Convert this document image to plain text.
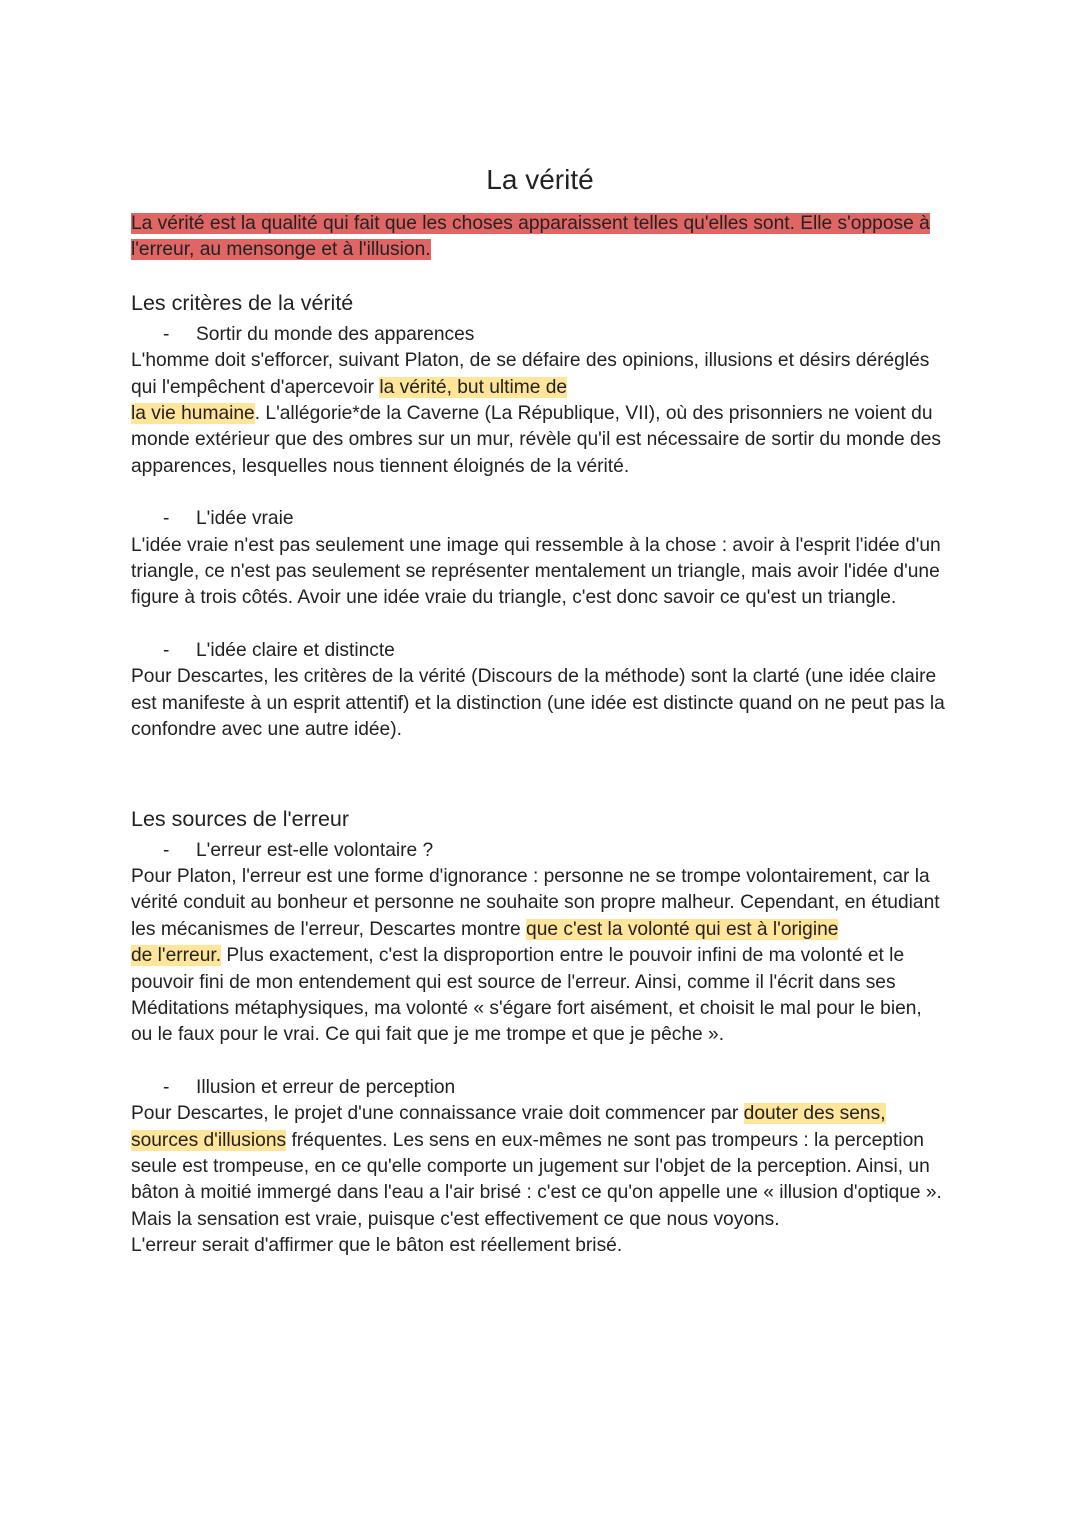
La vérité

La vérité est la qualité qui fait que les choses apparaissent telles qu'elles sont. Elle s'oppose à l'erreur, au mensonge et à l'illusion.

Les critères de la vérité

- Sortir du monde des apparences

L'homme doit s'efforcer, suivant Platon, de se défaire des opinions, illusions et désirs déréglés qui l'empêchent d'apercevoir la vérité, but ultime de
la vie humaine. L'allégorie*de la Caverne (La République, VII), où des prisonniers ne voient du monde extérieur que des ombres sur un mur, révèle qu'il est nécessaire de sortir du monde des apparences, lesquelles nous tiennent éloignés de la vérité.

- L'idée vraie

L'idée vraie n'est pas seulement une image qui ressemble à la chose : avoir à l'esprit l'idée d'un triangle, ce n'est pas seulement se représenter mentalement un triangle, mais avoir l'idée d'une figure à trois côtés. Avoir une idée vraie du triangle, c'est donc savoir ce qu'est un triangle.

- L'idée claire et distincte

Pour Descartes, les critères de la vérité (Discours de la méthode) sont la clarté (une idée claire est manifeste à un esprit attentif) et la distinction (une idée est distincte quand on ne peut pas la confondre avec une autre idée).

Les sources de l'erreur

- L'erreur est-elle volontaire ?

Pour Platon, l'erreur est une forme d'ignorance : personne ne se trompe volontairement, car la vérité conduit au bonheur et personne ne souhaite son propre malheur. Cependant, en étudiant les mécanismes de l'erreur, Descartes montre que c'est la volonté qui est à l'origine
de l'erreur. Plus exactement, c'est la disproportion entre le pouvoir infini de ma volonté et le pouvoir fini de mon entendement qui est source de l'erreur. Ainsi, comme il l'écrit dans ses Méditations métaphysiques, ma volonté « s'égare fort aisément, et choisit le mal pour le bien, ou le faux pour le vrai. Ce qui fait que je me trompe et que je pêche ».

- Illusion et erreur de perception

Pour Descartes, le projet d'une connaissance vraie doit commencer par douter des sens,
sources d'illusions fréquentes. Les sens en eux-mêmes ne sont pas trompeurs : la perception seule est trompeuse, en ce qu'elle comporte un jugement sur l'objet de la perception. Ainsi, un bâton à moitié immergé dans l'eau a l'air brisé : c'est ce qu'on appelle une « illusion d'optique ». Mais la sensation est vraie, puisque c'est effectivement ce que nous voyons.
L'erreur serait d'affirmer que le bâton est réellement brisé.
